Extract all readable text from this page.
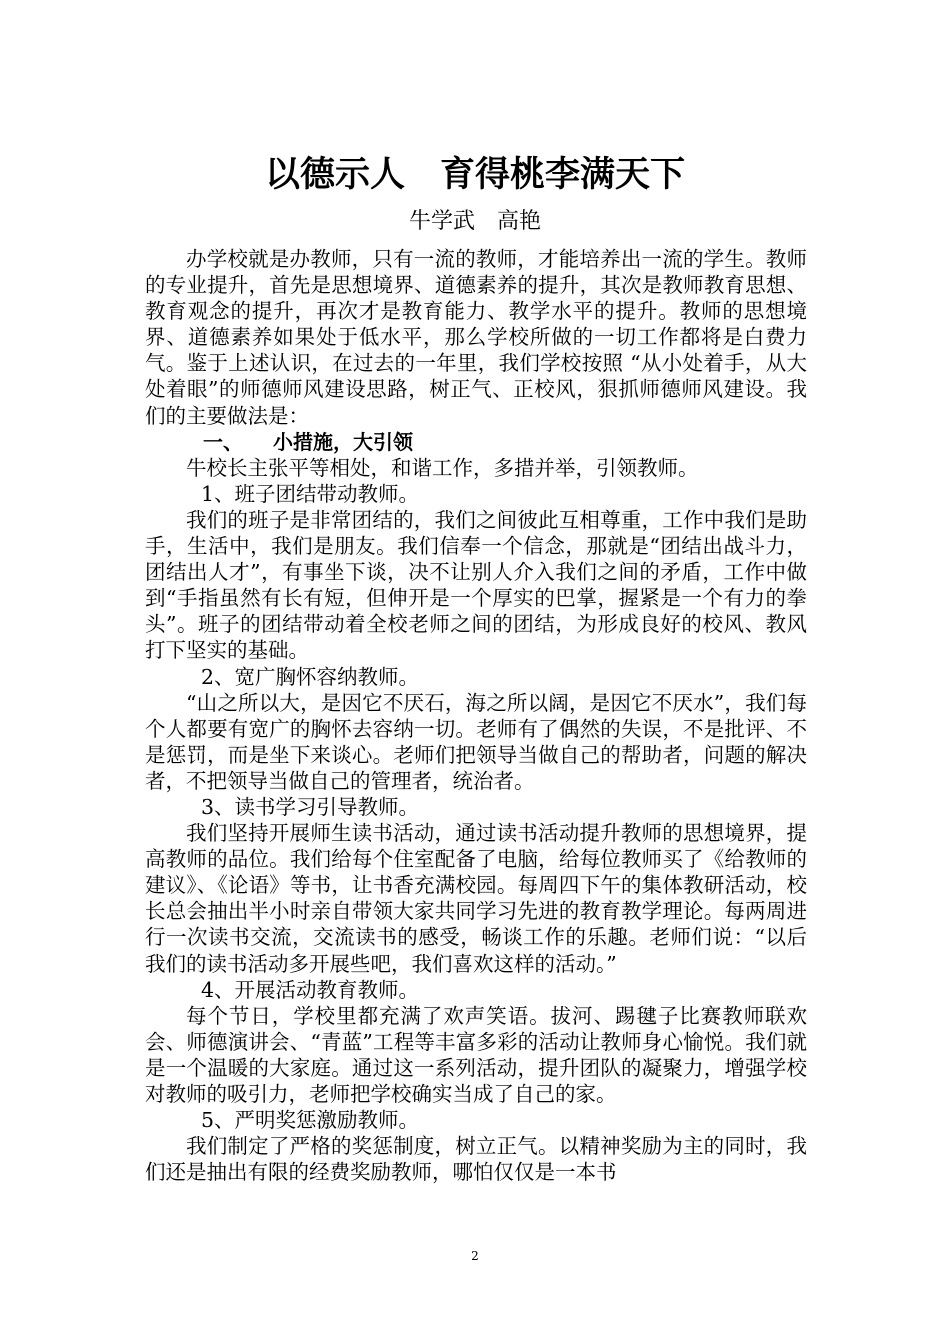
以德示人　育得桃李满天下
牛学武　高艳

办学校就是办教师，只有一流的教师，才能培养出一流的学生。教师的专业提升，首先是思想境界、道德素养的提升，其次是教师教育思想、教育观念的提升，再次才是教育能力、教学水平的提升。教师的思想境界、道德素养如果处于低水平，那么学校所做的一切工作都将是白费力气。鉴于上述认识，在过去的一年里，我们学校按照 “从小处着手，从大处着眼”的师德师风建设思路，树正气、正校风，狠抓师德师风建设。我们的主要做法是：

一、　　小措施，大引领

牛校长主张平等相处，和谐工作，多措并举，引领教师。

1、班子团结带动教师。

我们的班子是非常团结的，我们之间彼此互相尊重，工作中我们是助手，生活中，我们是朋友。我们信奉一个信念，那就是“团结出战斗力，团结出人才”，有事坐下谈，决不让别人介入我们之间的矛盾，工作中做到“手指虽然有长有短，但伸开是一个厚实的巴掌，握紧是一个有力的拳头”。班子的团结带动着全校老师之间的团结，为形成良好的校风、教风打下坚实的基础。

2、宽广胸怀容纳教师。

“山之所以大，是因它不厌石，海之所以阔，是因它不厌水”，我们每个人都要有宽广的胸怀去容纳一切。老师有了偶然的失误，不是批评、不是惩罚，而是坐下来谈心。老师们把领导当做自己的帮助者，问题的解决者，不把领导当做自己的管理者，统治者。

3、读书学习引导教师。

我们坚持开展师生读书活动，通过读书活动提升教师的思想境界，提高教师的品位。我们给每个住室配备了电脑，给每位教师买了《给教师的建议》、《论语》等书，让书香充满校园。每周四下午的集体教研活动，校长总会抽出半小时亲自带领大家共同学习先进的教育教学理论。每两周进行一次读书交流，交流读书的感受，畅谈工作的乐趣。老师们说：“以后我们的读书活动多开展些吧，我们喜欢这样的活动。”

4、开展活动教育教师。

每个节日，学校里都充满了欢声笑语。拔河、踢毽子比赛教师联欢会、师德演讲会、“青蓝”工程等丰富多彩的活动让教师身心愉悦。我们就是一个温暖的大家庭。通过这一系列活动，提升团队的凝聚力，增强学校对教师的吸引力，老师把学校确实当成了自己的家。

5、严明奖惩激励教师。

我们制定了严格的奖惩制度，树立正气。以精神奖励为主的同时，我们还是抽出有限的经费奖励教师，哪怕仅仅是一本书

2
